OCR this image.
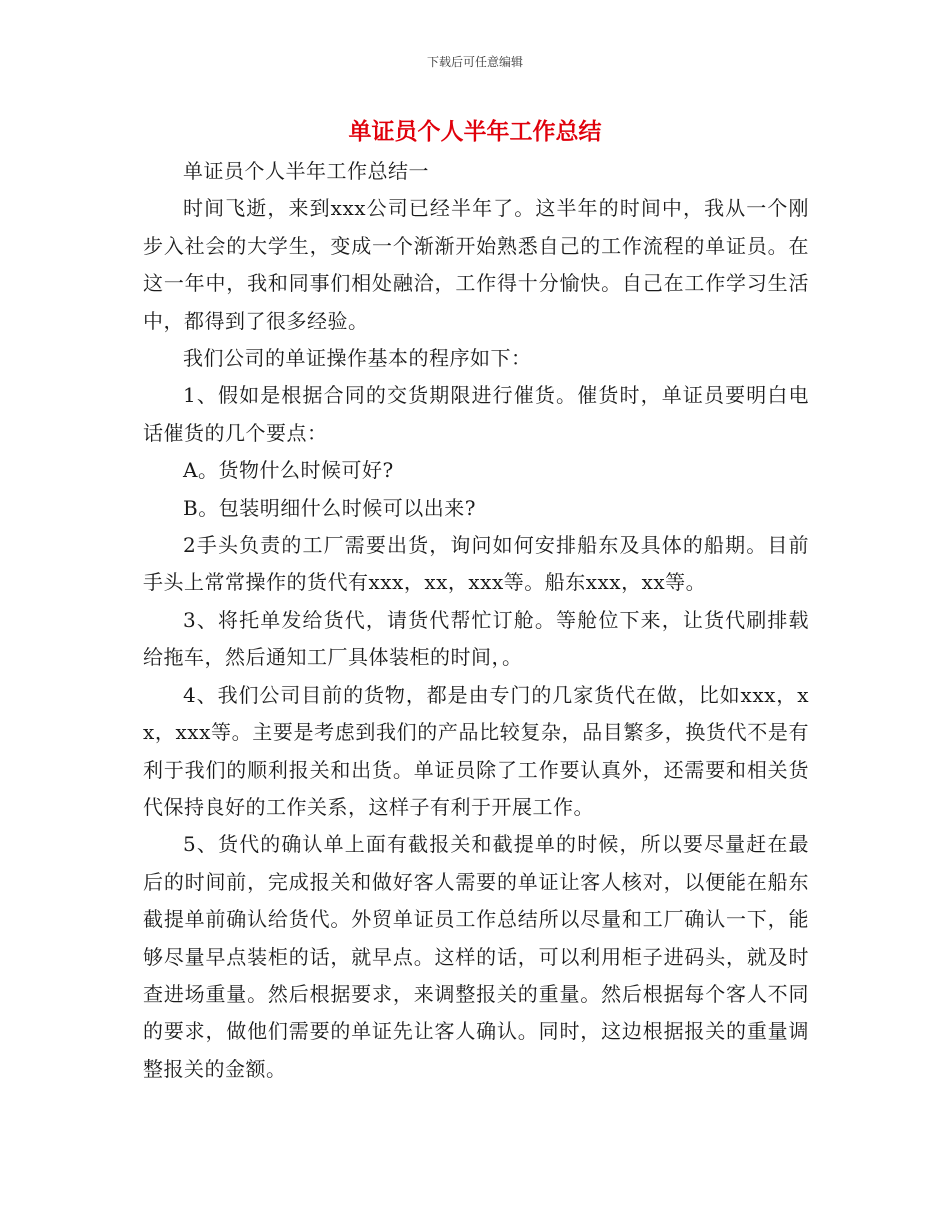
下载后可任意编辑
单证员个人半年工作总结

单证员个人半年工作总结一

时间飞逝，来到xxx公司已经半年了。这半年的时间中，我从一个刚步入社会的大学生，变成一个渐渐开始熟悉自己的工作流程的单证员。在这一年中，我和同事们相处融洽，工作得十分愉快。自己在工作学习生活中，都得到了很多经验。

我们公司的单证操作基本的程序如下：

1、假如是根据合同的交货期限进行催货。催货时，单证员要明白电话催货的几个要点：

A。货物什么时候可好?

B。包装明细什么时候可以出来?

2手头负责的工厂需要出货，询问如何安排船东及具体的船期。目前手头上常常操作的货代有xxx，xx，xxx等。船东xxx，xx等。

3、将托单发给货代，请货代帮忙订舱。等舱位下来，让货代刷排载给拖车，然后通知工厂具体装柜的时间，。

4、我们公司目前的货物，都是由专门的几家货代在做，比如xxx，xx，xxx等。主要是考虑到我们的产品比较复杂，品目繁多，换货代不是有利于我们的顺利报关和出货。单证员除了工作要认真外，还需要和相关货代保持良好的工作关系，这样子有利于开展工作。

5、货代的确认单上面有截报关和截提单的时候，所以要尽量赶在最后的时间前，完成报关和做好客人需要的单证让客人核对，以便能在船东截提单前确认给货代。外贸单证员工作总结所以尽量和工厂确认一下，能够尽量早点装柜的话，就早点。这样的话，可以利用柜子进码头，就及时查进场重量。然后根据要求，来调整报关的重量。然后根据每个客人不同的要求，做他们需要的单证先让客人确认。同时，这边根据报关的重量调整报关的金额。
